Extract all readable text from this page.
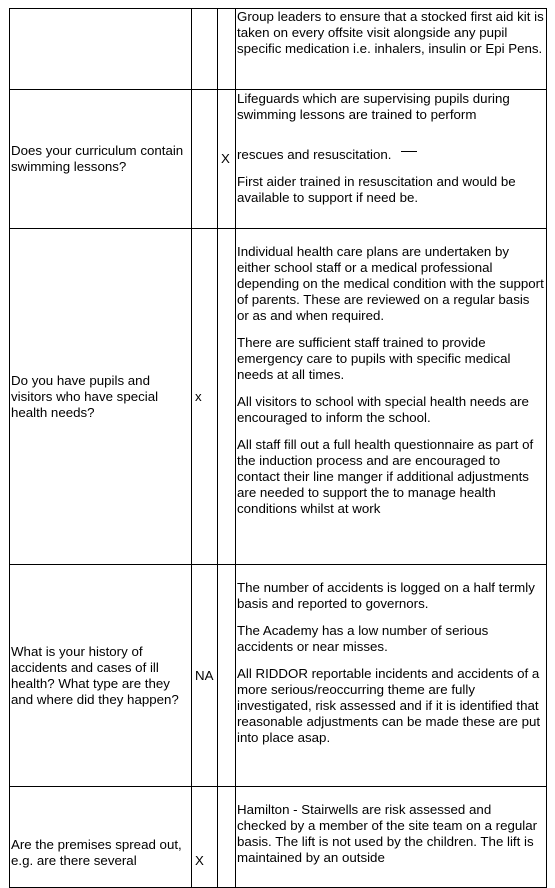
			Group leaders to ensure that a stocked first aid kit is taken on every offsite visit alongside any pupil specific medication i.e. inhalers, insulin or Epi Pens.

Does your curriculum contain swimming lessons?		X	Lifeguards which are supervising pupils during swimming lessons are trained to perform

rescues and resuscitation.

First aider trained in resuscitation and would be available to support if need be.

Do you have pupils and visitors who have special health needs?	x		Individual health care plans are undertaken by either school staff or a medical professional depending on the medical condition with the support of parents. These are reviewed on a regular basis or as and when required.

There are sufficient staff trained to provide emergency care to pupils with specific medical needs at all times.

All visitors to school with special health needs are encouraged to inform the school.

All staff fill out a full health questionnaire as part of the induction process and are encouraged to contact their line manger if additional adjustments are needed to support the to manage health conditions whilst at work

What is your history of accidents and cases of ill health? What type are they and where did they happen?	NA		The number of accidents is logged on a half termly basis and reported to governors.

The Academy has a low number of serious accidents or near misses.

All RIDDOR reportable incidents and accidents of a more serious/reoccurring theme are fully investigated, risk assessed and if it is identified that reasonable adjustments can be made these are put into place asap.

Are the premises spread out, e.g. are there several	X		Hamilton - Stairwells are risk assessed and checked by a member of the site team on a regular basis. The lift is not used by the children. The lift is maintained by an outside
